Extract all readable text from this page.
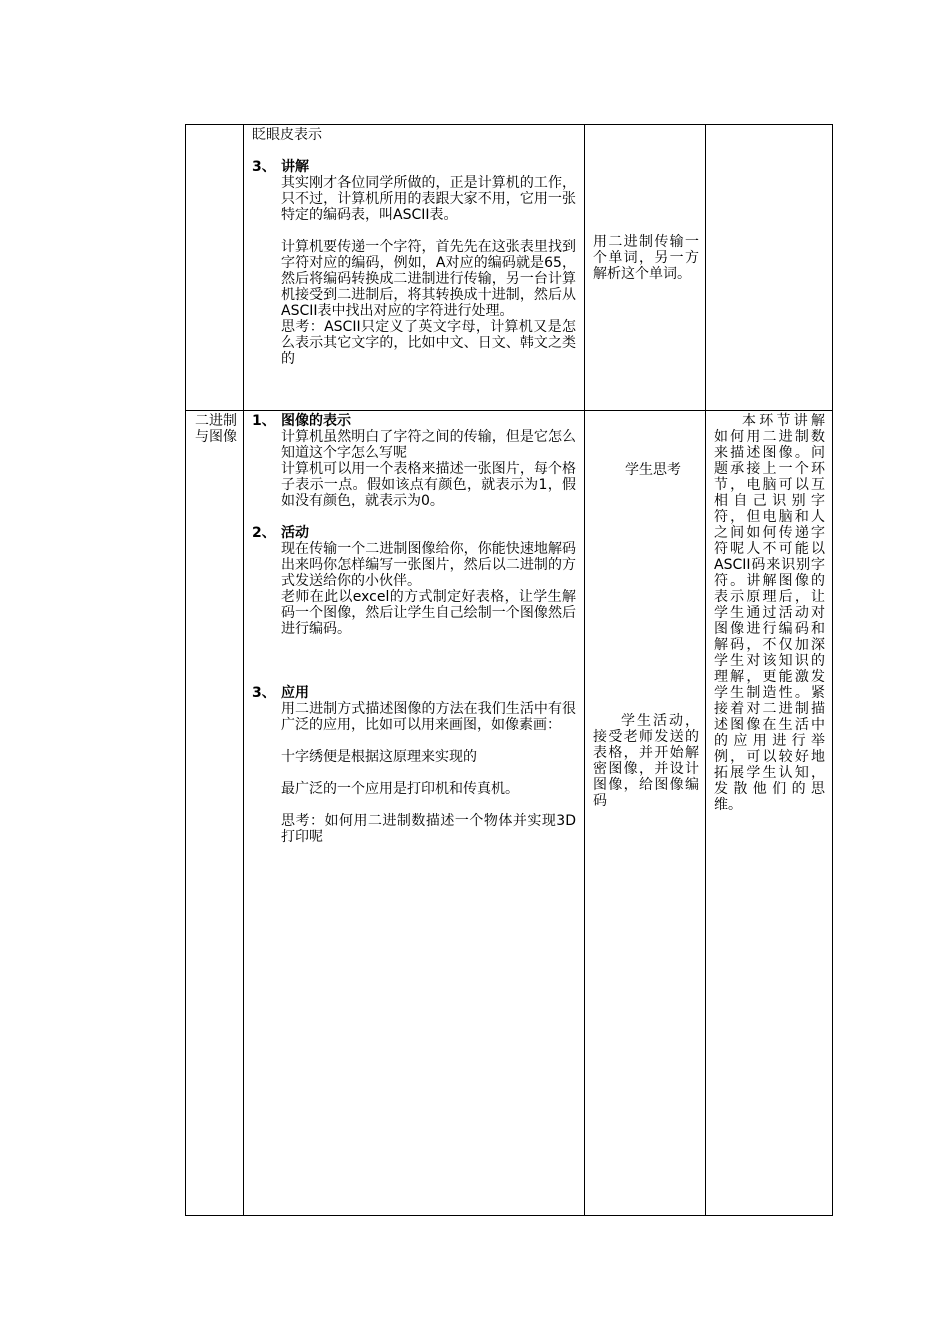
眨眼皮表示

3、 讲解

其实刚才各位同学所做的，正是计算机的工作，只不过，计算机所用的表跟大家不用，它用一张特定的编码表，叫ASCII表。

计算机要传递一个字符，首先先在这张表里找到字符对应的编码，例如，A对应的编码就是65，然后将编码转换成二进制进行传输，另一台计算机接受到二进制后，将其转换成十进制，然后从ASCII表中找出对应的字符进行处理。

思考：ASCII只定义了英文字母，计算机又是怎么表示其它文字的，比如中文、日文、韩文之类的

用二进制传输一个单词，另一方解析这个单词。
二进制与图像

1、 图像的表示

计算机虽然明白了字符之间的传输，但是它怎么知道这个字怎么写呢

计算机可以用一个表格来描述一张图片，每个格子表示一点。假如该点有颜色，就表示为1，假如没有颜色，就表示为0。

2、 活动

现在传输一个二进制图像给你，你能快速地解码出来吗你怎样编写一张图片，然后以二进制的方式发送给你的小伙伴。

老师在此以excel的方式制定好表格，让学生解码一个图像，然后让学生自己绘制一个图像然后进行编码。

3、 应用

用二进制方式描述图像的方法在我们生活中有很广泛的应用，比如可以用来画图，如像素画：

十字绣便是根据这原理来实现的

最广泛的一个应用是打印机和传真机。

思考：如何用二进制数描述一个物体并实现3D打印呢

学生思考
学生活动，接受老师发送的表格，并开始解密图像，并设计图像，给图像编码
本环节讲解如何用二进制数来描述图像。问题承接上一个环节，电脑可以互相自己识别字符，但电脑和人之间如何传递字符呢人不可能以ASCII码来识别字符。讲解图像的表示原理后，让学生通过活动对图像进行编码和解码，不仅加深学生对该知识的理解，更能激发学生制造性。紧接着对二进制描述图像在生活中的应用进行举例，可以较好地拓展学生认知，发散他们的思维。
